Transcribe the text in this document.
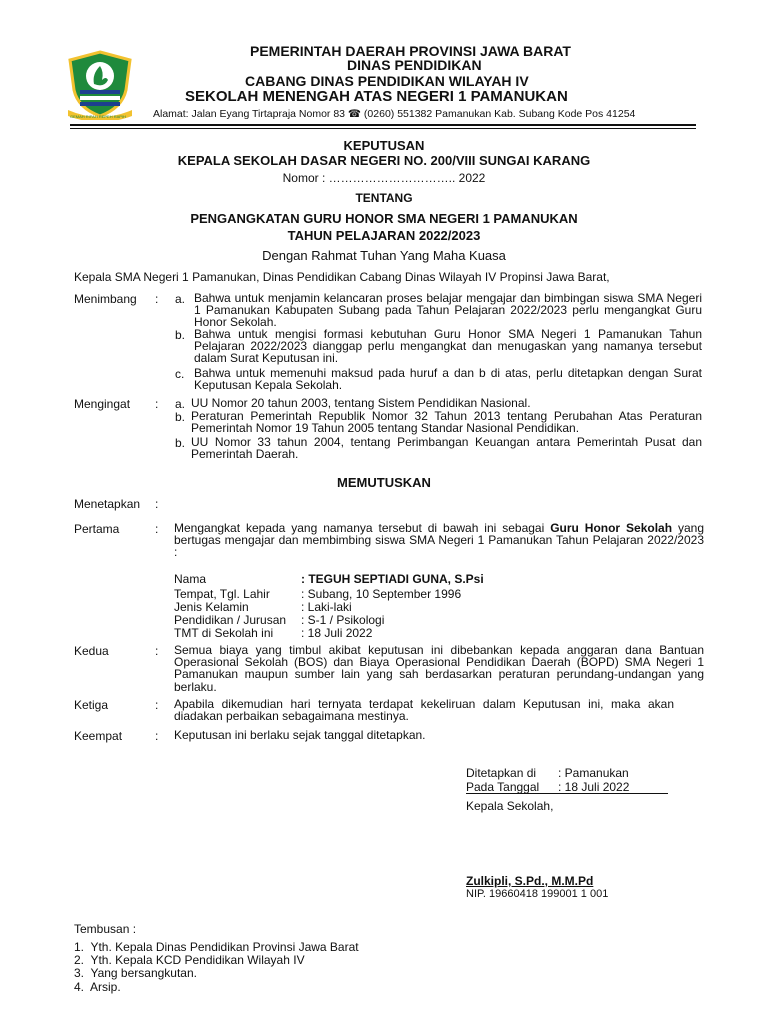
GEMAH RIPAH REPEH RAPIH
PEMERINTAH DAERAH PROVINSI JAWA BARAT
DINAS PENDIDIKAN
CABANG DINAS PENDIDIKAN WILAYAH IV
SEKOLAH MENENGAH ATAS NEGERI 1 PAMANUKAN
Alamat: Jalan Eyang Tirtapraja Nomor 83 ☎ (0260) 551382 Pamanukan Kab. Subang Kode Pos 41254
KEPUTUSAN
KEPALA SEKOLAH DASAR NEGERI NO. 200/VIII SUNGAI KARANG
Nomor : ………………………….. 2022
TENTANG
PENGANGKATAN GURU HONOR SMA NEGERI 1 PAMANUKAN
TAHUN PELAJARAN 2022/2023
Dengan Rahmat Tuhan Yang Maha Kuasa
Kepala SMA Negeri 1 Pamanukan, Dinas Pendidikan Cabang Dinas Wilayah IV Propinsi Jawa Barat,
Menimbang : a. Bahwa untuk menjamin kelancaran proses belajar mengajar dan bimbingan siswa SMA Negeri 1 Pamanukan Kabupaten Subang pada Tahun Pelajaran 2022/2023 perlu mengangkat Guru Honor Sekolah.
b. Bahwa untuk mengisi formasi kebutuhan Guru Honor SMA Negeri 1 Pamanukan Tahun Pelajaran 2022/2023 dianggap perlu mengangkat dan menugaskan yang namanya tersebut dalam Surat Keputusan ini.
c. Bahwa untuk memenuhi maksud pada huruf a dan b di atas, perlu ditetapkan dengan Surat Keputusan Kepala Sekolah.
Mengingat : a. UU Nomor 20 tahun 2003, tentang Sistem Pendidikan Nasional.
b. Peraturan Pemerintah Republik Nomor 32 Tahun 2013 tentang Perubahan Atas Peraturan Pemerintah Nomor 19 Tahun 2005 tentang Standar Nasional Pendidikan.
b. UU Nomor 33 tahun 2004, tentang Perimbangan Keuangan antara Pemerintah Pusat dan Pemerintah Daerah.
MEMUTUSKAN
Menetapkan :
Pertama	: Mengangkat kepada yang namanya tersebut di bawah ini sebagai Guru Honor Sekolah yang bertugas mengajar dan membimbing siswa SMA Negeri 1 Pamanukan Tahun Pelajaran 2022/2023 :
Nama	: TEGUH SEPTIADI GUNA, S.Psi
Tempat, Tgl. Lahir	: Subang, 10 September 1996
Jenis Kelamin	: Laki-laki
Pendidikan / Jurusan : S-1 / Psikologi
TMT di Sekolah ini : 18 Juli 2022
Kedua	: Semua biaya yang timbul akibat keputusan ini dibebankan kepada anggaran dana Bantuan Operasional Sekolah (BOS) dan Biaya Operasional Pendidikan Daerah (BOPD) SMA Negeri 1 Pamanukan maupun sumber lain yang sah berdasarkan peraturan perundang-undangan yang berlaku.
Ketiga	: Apabila dikemudian hari ternyata terdapat kekeliruan dalam Keputusan ini, maka akan diadakan perbaikan sebagaimana mestinya.
Keempat	: Keputusan ini berlaku sejak tanggal ditetapkan.
Ditetapkan di : Pamanukan
Pada Tanggal : 18 Juli 2022
Kepala Sekolah,
Zulkipli, S.Pd., M.M.Pd
NIP. 19660418 199001 1 001
Tembusan :
1.  Yth. Kepala Dinas Pendidikan Provinsi Jawa Barat
2.  Yth. Kepala KCD Pendidikan Wilayah IV
3.  Yang bersangkutan.
4.  Arsip.
